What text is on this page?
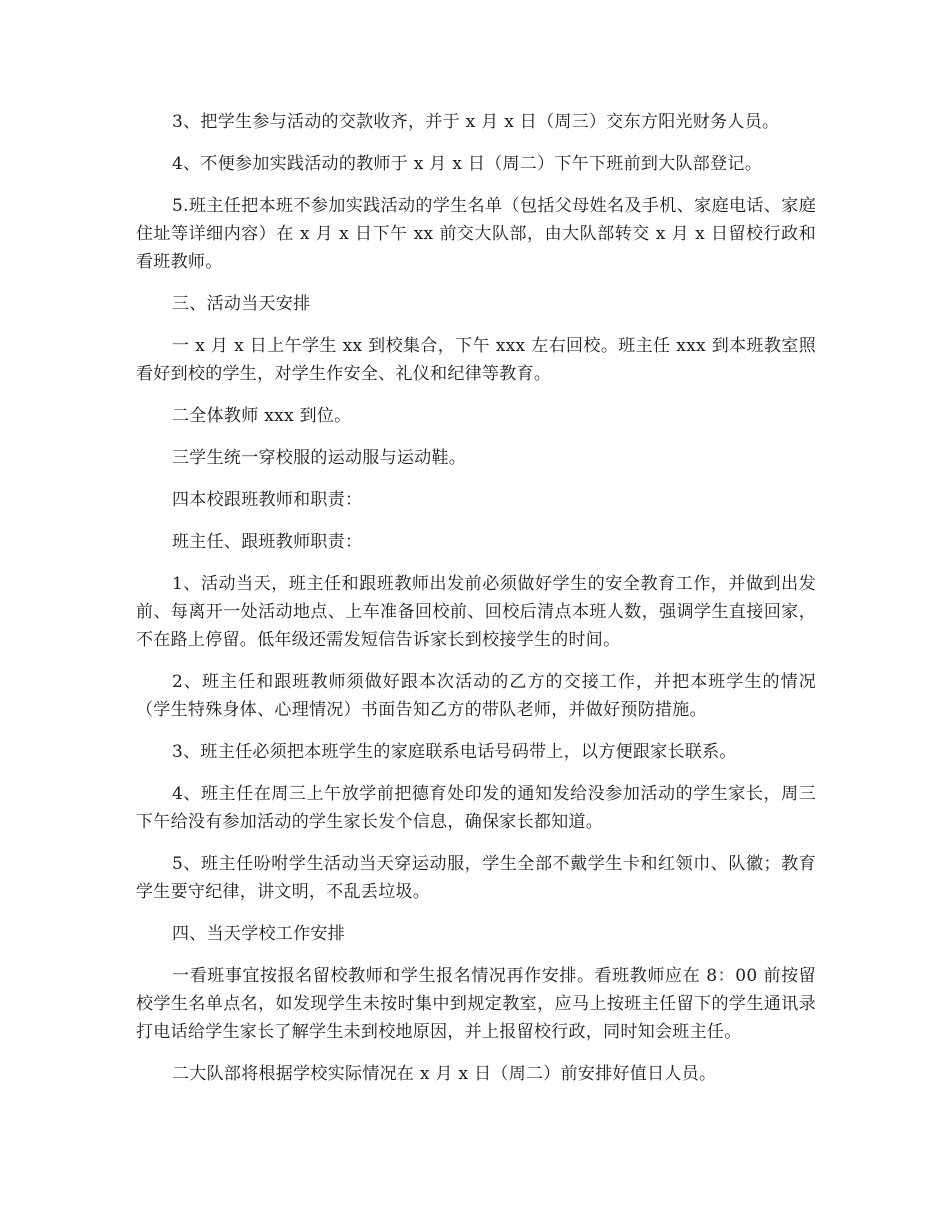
3、把学生参与活动的交款收齐，并于 x 月 x 日（周三）交东方阳光财务人员。

4、不便参加实践活动的教师于 x 月 x 日（周二）下午下班前到大队部登记。

5.班主任把本班不参加实践活动的学生名单（包括父母姓名及手机、家庭电话、家庭住址等详细内容）在 x 月 x 日下午 xx 前交大队部，由大队部转交 x 月 x 日留校行政和看班教师。

三、活动当天安排

一 x 月 x 日上午学生 xx 到校集合，下午 xxx 左右回校。班主任 xxx 到本班教室照看好到校的学生，对学生作安全、礼仪和纪律等教育。

二全体教师 xxx 到位。

三学生统一穿校服的运动服与运动鞋。

四本校跟班教师和职责：

班主任、跟班教师职责：

1、活动当天，班主任和跟班教师出发前必须做好学生的安全教育工作，并做到出发前、每离开一处活动地点、上车准备回校前、回校后清点本班人数，强调学生直接回家，不在路上停留。低年级还需发短信告诉家长到校接学生的时间。

2、班主任和跟班教师须做好跟本次活动的乙方的交接工作，并把本班学生的情况（学生特殊身体、心理情况）书面告知乙方的带队老师，并做好预防措施。

3、班主任必须把本班学生的家庭联系电话号码带上，以方便跟家长联系。

4、班主任在周三上午放学前把德育处印发的通知发给没参加活动的学生家长，周三下午给没有参加活动的学生家长发个信息，确保家长都知道。

5、班主任吩咐学生活动当天穿运动服，学生全部不戴学生卡和红领巾、队徽；教育学生要守纪律，讲文明，不乱丢垃圾。

四、当天学校工作安排

一看班事宜按报名留校教师和学生报名情况再作安排。看班教师应在 8：00 前按留校学生名单点名，如发现学生未按时集中到规定教室，应马上按班主任留下的学生通讯录打电话给学生家长了解学生未到校地原因，并上报留校行政，同时知会班主任。

二大队部将根据学校实际情况在 x 月 x 日（周二）前安排好值日人员。
